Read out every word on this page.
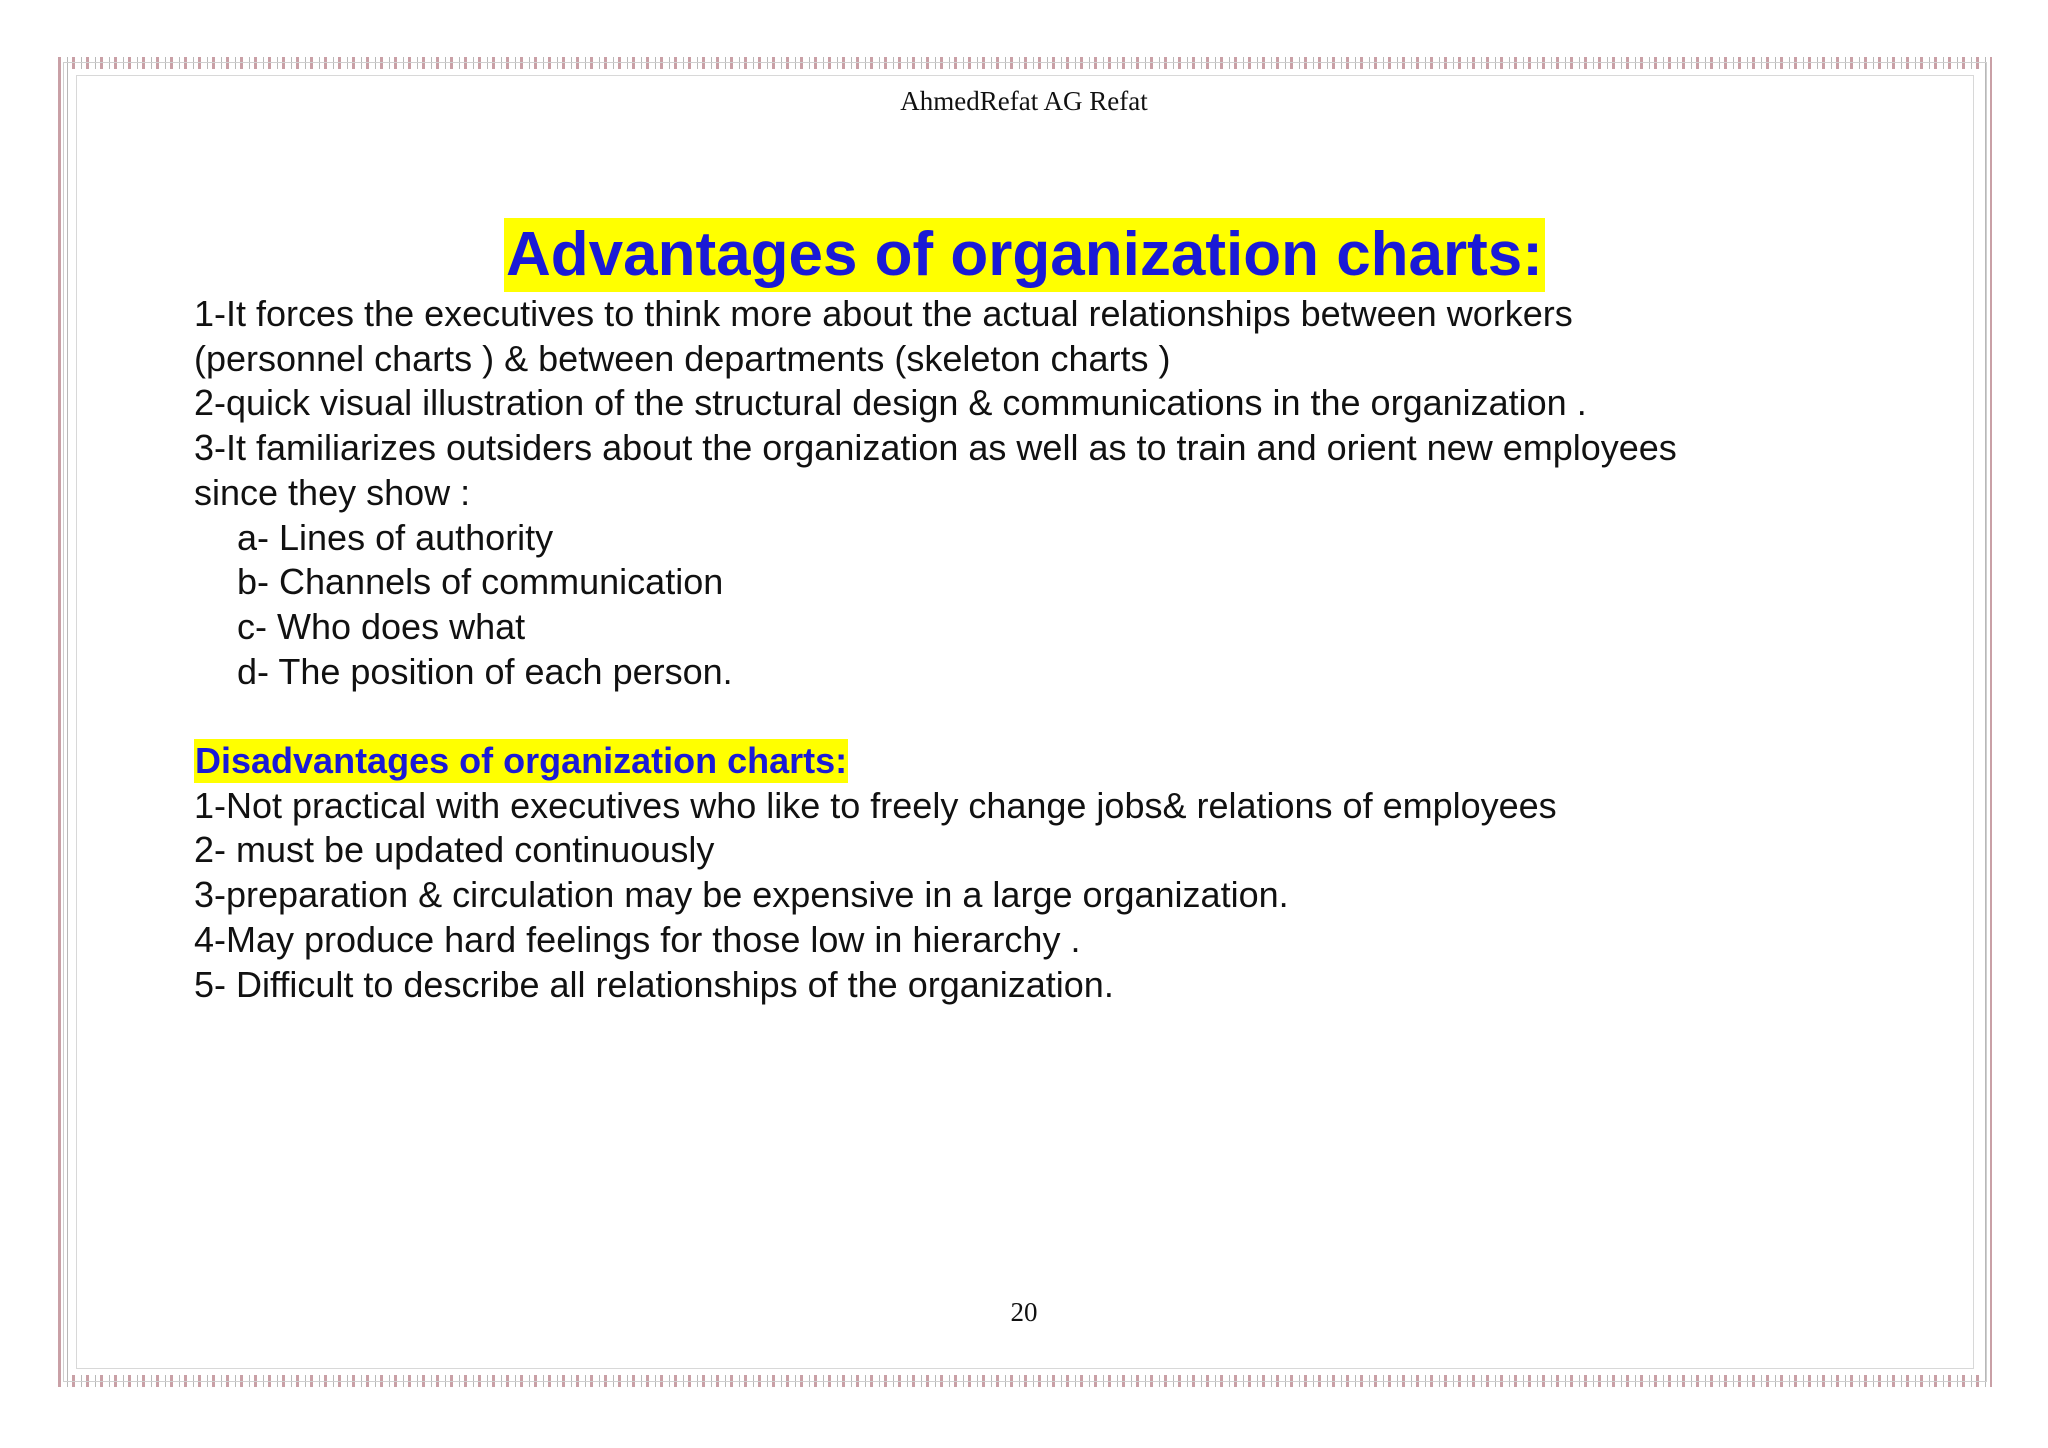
AhmedRefat AG Refat
Advantages of organization charts:
1-It forces the executives to think more about the actual relationships between workers
(personnel charts ) & between departments (skeleton charts )
2-quick visual illustration of the structural design & communications in the organization .
3-It familiarizes outsiders about the organization as well as to train and orient new employees
since they show :
a- Lines of authority
b- Channels of communication
c- Who does what
d- The position of each person.
Disadvantages of organization charts:
1-Not practical with executives who like to freely change jobs& relations of employees
2- must be updated continuously
3-preparation & circulation may be expensive in a large organization.
4-May produce hard feelings for those low in hierarchy .
5- Difficult to describe all relationships of the organization.
20
